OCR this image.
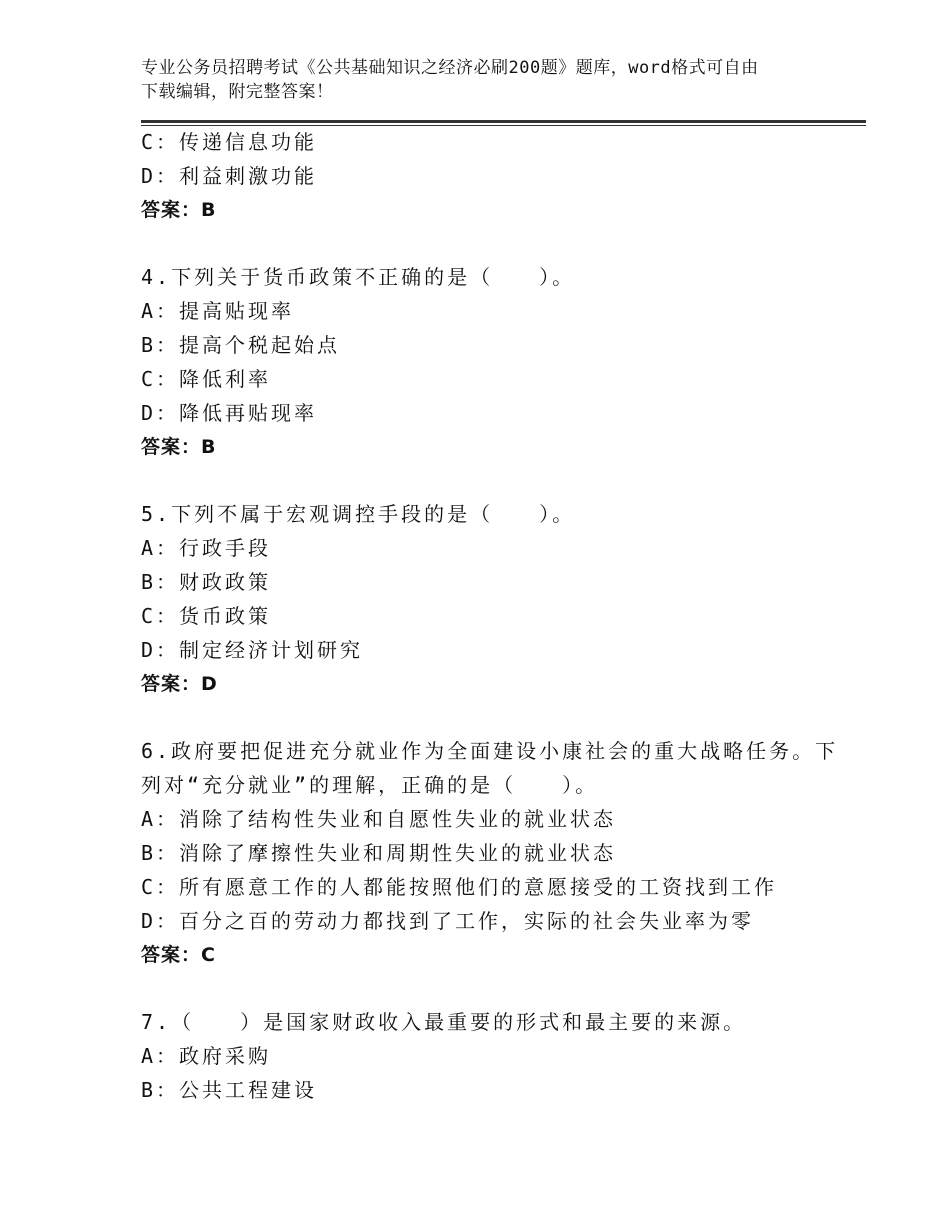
专业公务员招聘考试《公共基础知识之经济必刷200题》题库，word格式可自由
下载编辑，附完整答案！
C：传递信息功能
D：利益刺激功能
答案：B
4.下列关于货币政策不正确的是（　　）。
A：提高贴现率
B：提高个税起始点
C：降低利率
D：降低再贴现率
答案：B
5.下列不属于宏观调控手段的是（　　）。
A：行政手段
B：财政政策
C：货币政策
D：制定经济计划研究
答案：D
6.政府要把促进充分就业作为全面建设小康社会的重大战略任务。下
列对“充分就业”的理解，正确的是（　　）。
A：消除了结构性失业和自愿性失业的就业状态
B：消除了摩擦性失业和周期性失业的就业状态
C：所有愿意工作的人都能按照他们的意愿接受的工资找到工作
D：百分之百的劳动力都找到了工作，实际的社会失业率为零
答案：C
7.（　　）是国家财政收入最重要的形式和最主要的来源。
A：政府采购
B：公共工程建设
